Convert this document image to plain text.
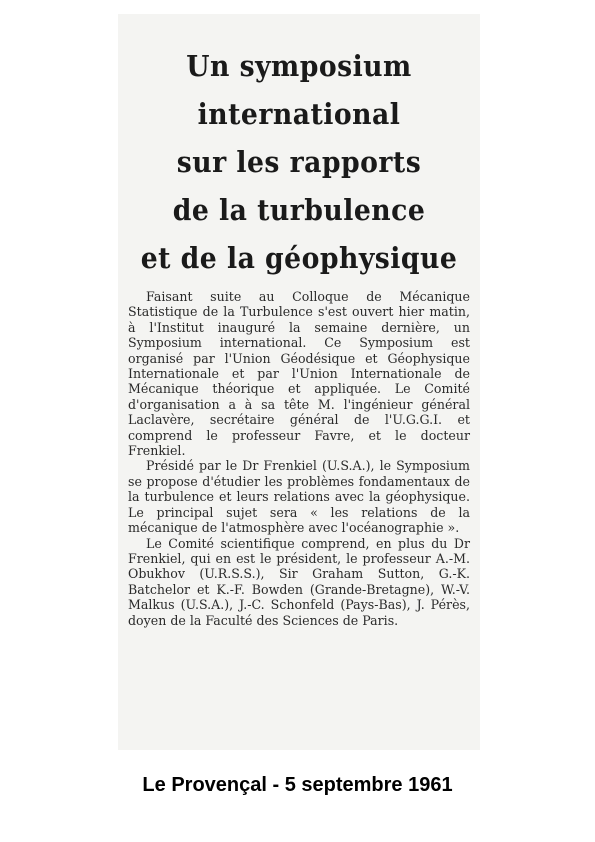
Un symposium
international
sur les rapports
de la turbulence
et de la géophysique

Faisant suite au Colloque de Mécanique Statistique de la Turbulence s'est ouvert hier matin, à l'Institut inauguré la semaine dernière, un Symposium international. Ce Symposium est organisé par l'Union Géodésique et Géophysique Internationale et par l'Union Internationale de Mécanique théorique et appliquée. Le Comité d'organisation a à sa tête M. l'ingénieur général Laclavère, secrétaire général de l'U.G.G.I. et comprend le professeur Favre, et le docteur Frenkiel.

Présidé par le Dr Frenkiel (U.S.A.), le Symposium se propose d'étudier les problèmes fondamentaux de la turbulence et leurs relations avec la géophysique. Le principal sujet sera « les relations de la mécanique de l'atmosphère avec l'océanographie ».

Le Comité scientifique comprend, en plus du Dr Frenkiel, qui en est le président, le professeur A.-M. Obukhov (U.R.S.S.), Sir Graham Sutton, G.-K. Batchelor et K.-F. Bowden (Grande-Bretagne), W.-V. Malkus (U.S.A.), J.-C. Schonfeld (Pays-Bas), J. Pérès, doyen de la Faculté des Sciences de Paris.

Le Provençal - 5 septembre 1961
